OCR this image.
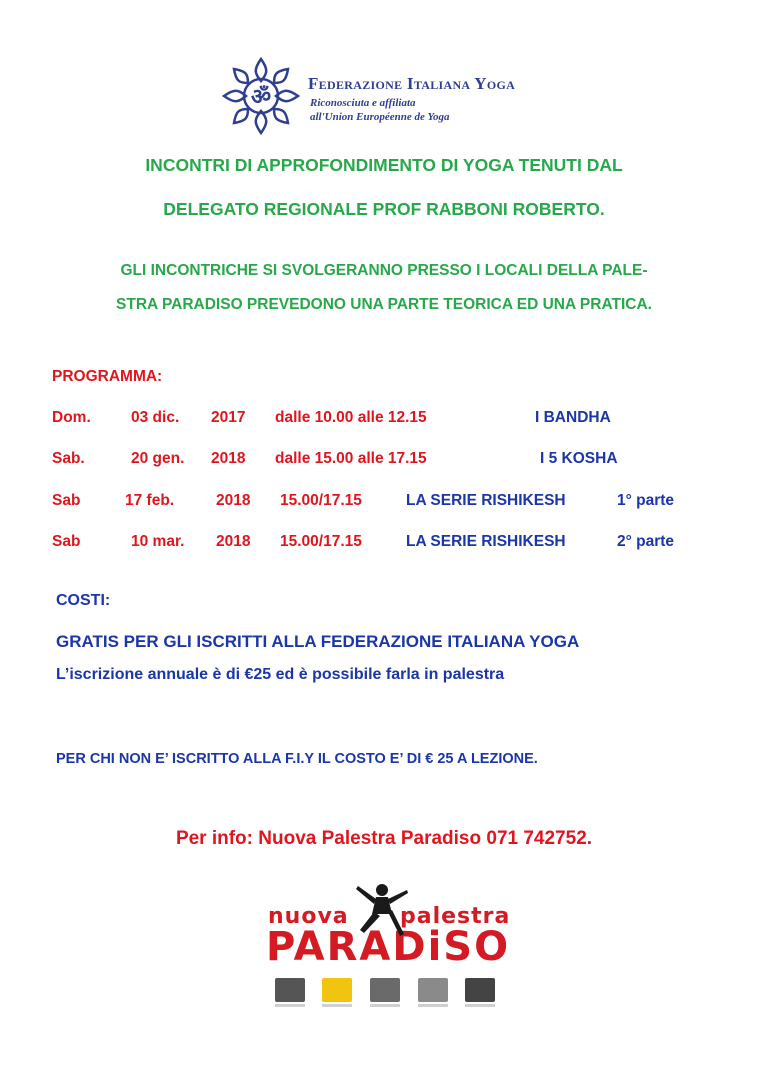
ॐ
Federazione Italiana Yoga
Riconosciuta e affiliata
all'Union Européenne de Yoga
INCONTRI DI APPROFONDIMENTO DI YOGA TENUTI DAL
DELEGATO REGIONALE PROF RABBONI ROBERTO.
GLI INCONTRICHE SI SVOLGERANNO PRESSO I LOCALI DELLA PALE-
STRA PARADISO PREVEDONO UNA PARTE TEORICA ED UNA PRATICA.
PROGRAMMA:
Dom.	03 dic. 2017 dalle 10.00 alle 12.15	I BANDHA
Sab.	20 gen. 2018 dalle 15.00 alle 17.15	I 5 KOSHA
Sab	17 feb.	2018 15.00/17.15	LA SERIE RISHIKESH	1° parte
Sab	10 mar. 2018 15.00/17.15	LA SERIE RISHIKESH	2° parte
COSTI:
GRATIS PER GLI ISCRITTI ALLA FEDERAZIONE ITALIANA YOGA
L’iscrizione annuale è di €25 ed è possibile farla in palestra
PER CHI NON E’ ISCRITTO ALLA F.I.Y IL COSTO E’ DI € 25 A LEZIONE.
Per info: Nuova Palestra Paradiso 071 742752.
nuova palestra
PARADiSO
